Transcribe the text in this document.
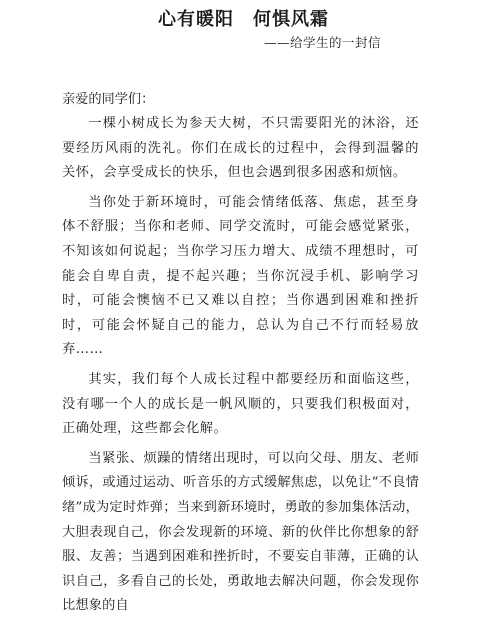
心有暖阳　何惧风霜
——给学生的一封信

亲爱的同学们：

一棵小树成长为参天大树，不只需要阳光的沐浴，还要经历风雨的洗礼。你们在成长的过程中，会得到温馨的关怀，会享受成长的快乐，但也会遇到很多困惑和烦恼。

当你处于新环境时，可能会情绪低落、焦虑，甚至身体不舒服；当你和老师、同学交流时，可能会感觉紧张，不知该如何说起；当你学习压力增大、成绩不理想时，可能会自卑自责，提不起兴趣；当你沉浸手机、影响学习时，可能会懊恼不已又难以自控；当你遇到困难和挫折时，可能会怀疑自己的能力，总认为自己不行而轻易放弃……

其实，我们每个人成长过程中都要经历和面临这些，没有哪一个人的成长是一帆风顺的，只要我们积极面对，正确处理，这些都会化解。

当紧张、烦躁的情绪出现时，可以向父母、朋友、老师倾诉，或通过运动、听音乐的方式缓解焦虑，以免让“不良情绪”成为定时炸弹；当来到新环境时，勇敢的参加集体活动，大胆表现自己，你会发现新的环境、新的伙伴比你想象的舒服、友善；当遇到困难和挫折时，不要妄自菲薄，正确的认识自己，多看自己的长处，勇敢地去解决问题，你会发现你比想象的自
